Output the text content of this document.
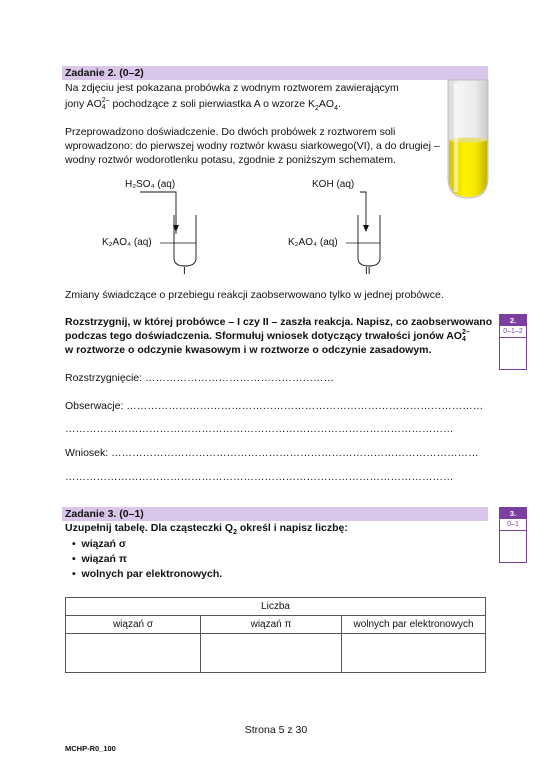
Zadanie 2. (0–2)
Na zdjęciu jest pokazana probówka z wodnym roztworem zawierającym
jony AO 2–
4 pochodzące z soli pierwiastka A o wzorze $K_2AO_4$.
Przeprowadzono doświadczenie. Do dwóch probówek z roztworem soli
wprowadzono: do pierwszej wodny roztwór kwasu siarkowego(VI), a do drugiej –
wodny roztwór wodorotlenku potasu, zgodnie z poniższym schematem.
H₂SO₄ (aq)
K₂AO₄ (aq)
I
KOH (aq)
K₂AO₄ (aq)
II
Zmiany świadczące o przebiegu reakcji zaobserwowano tylko w jednej probówce.
Rozstrzygnij, w której probówce – I czy II – zaszła reakcja. Napisz, co zaobserwowano
podczas tego doświadczenia. Sformułuj wniosek dotyczący trwałości jonów AO 2–
4
w roztworze o odczynie kwasowym i w roztworze o odczynie zasadowym.
Rozstrzygnięcie: ………………………………………………
Obserwacje: …………………………………………………………………………………………
…………………………………………………………………………………………………
Wniosek: ……………………………………………………………………………………………
…………………………………………………………………………………………………
2.
0–1–2
Zadanie 3. (0–1)
Uzupełnij tabelę. Dla cząsteczki $Q_2$ określ i napisz liczbę:
• wiązań σ
• wiązań π
• wolnych par elektronowych.
Liczba		
wiązań σ	wiązań π	wolnych par elektronowych

3.
0–1
Strona 5 z 30
MCHP-R0_100
